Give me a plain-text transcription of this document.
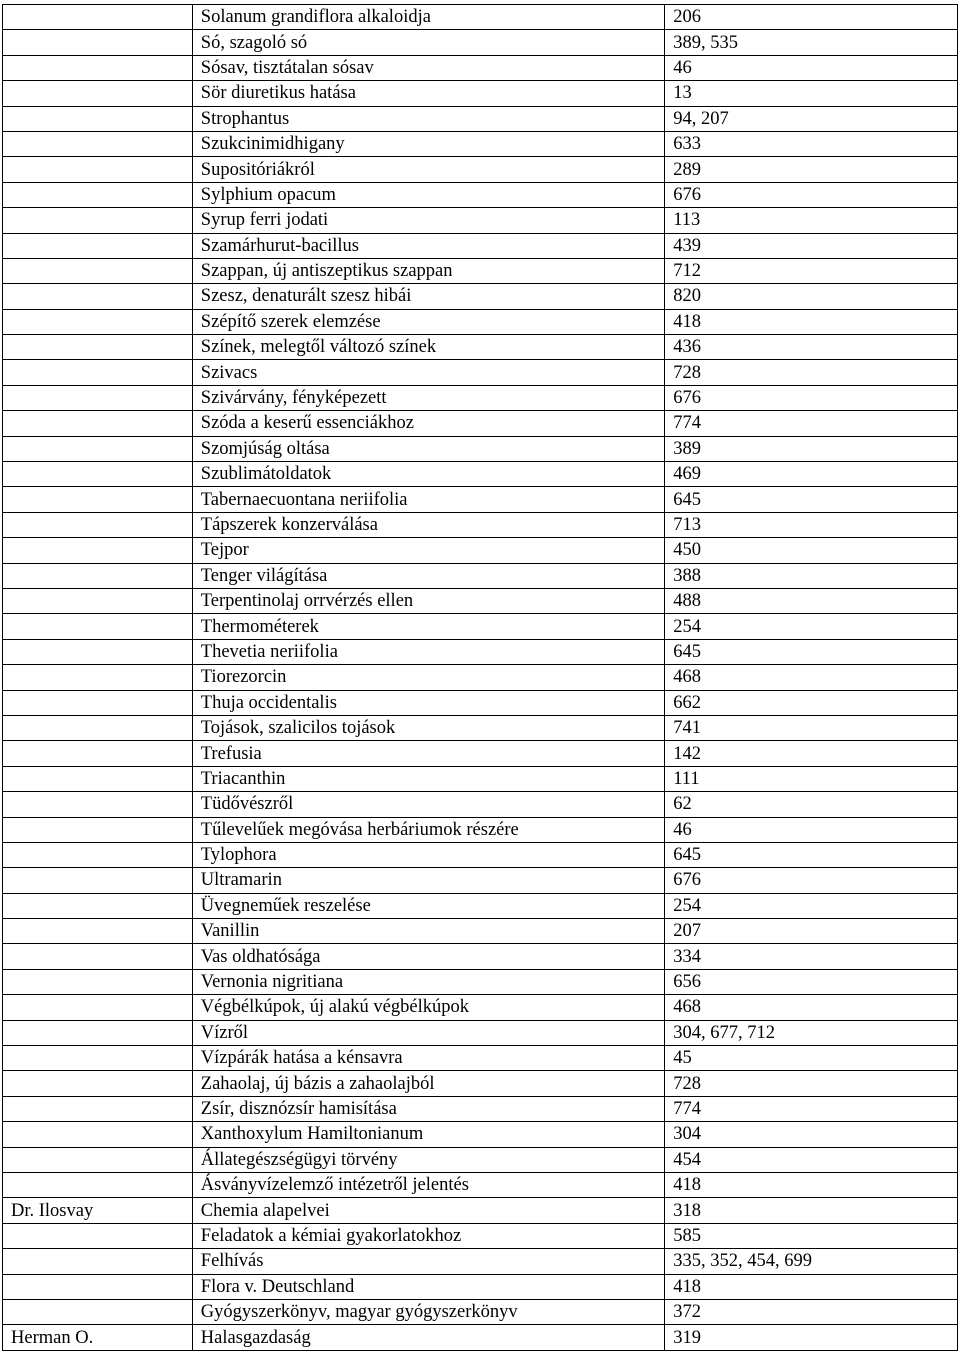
	Solanum grandiflora alkaloidja	206
	Só, szagoló só	389, 535
	Sósav, tisztátalan sósav	46
	Sör diuretikus hatása	13
	Strophantus	94, 207
	Szukcinimidhigany	633
	Supositóriákról	289
	Sylphium opacum	676
	Syrup ferri jodati	113
	Szamárhurut-bacillus	439
	Szappan, új antiszeptikus szappan	712
	Szesz, denaturált szesz hibái	820
	Szépítő szerek elemzése	418
	Színek, melegtől változó színek	436
	Szivacs	728
	Szivárvány, fényképezett	676
	Szóda a keserű essenciákhoz	774
	Szomjúság oltása	389
	Szublimátoldatok	469
	Tabernaecuontana neriifolia	645
	Tápszerek konzerválása	713
	Tejpor	450
	Tenger világítása	388
	Terpentinolaj orrvérzés ellen	488
	Thermométerek	254
	Thevetia neriifolia	645
	Tiorezorcin	468
	Thuja occidentalis	662
	Tojások, szalicilos tojások	741
	Trefusia	142
	Triacanthin	111
	Tüdővészről	62
	Tűlevelűek megóvása herbáriumok részére	46
	Tylophora	645
	Ultramarin	676
	Üvegneműek reszelése	254
	Vanillin	207
	Vas oldhatósága	334
	Vernonia nigritiana	656
	Végbélkúpok, új alakú végbélkúpok	468
	Vízről	304, 677, 712
	Vízpárák hatása a kénsavra	45
	Zahaolaj, új bázis a zahaolajból	728
	Zsír, disznózsír hamisítása	774
	Xanthoxylum Hamiltonianum	304
	Állategészségügyi törvény	454
	Ásványvízelemző intézetről jelentés	418
Dr. Ilosvay	Chemia alapelvei	318
	Feladatok a kémiai gyakorlatokhoz	585
	Felhívás	335, 352, 454, 699
	Flora v. Deutschland	418
	Gyógyszerkönyv, magyar gyógyszerkönyv	372
Herman O.	Halasgazdaság	319
